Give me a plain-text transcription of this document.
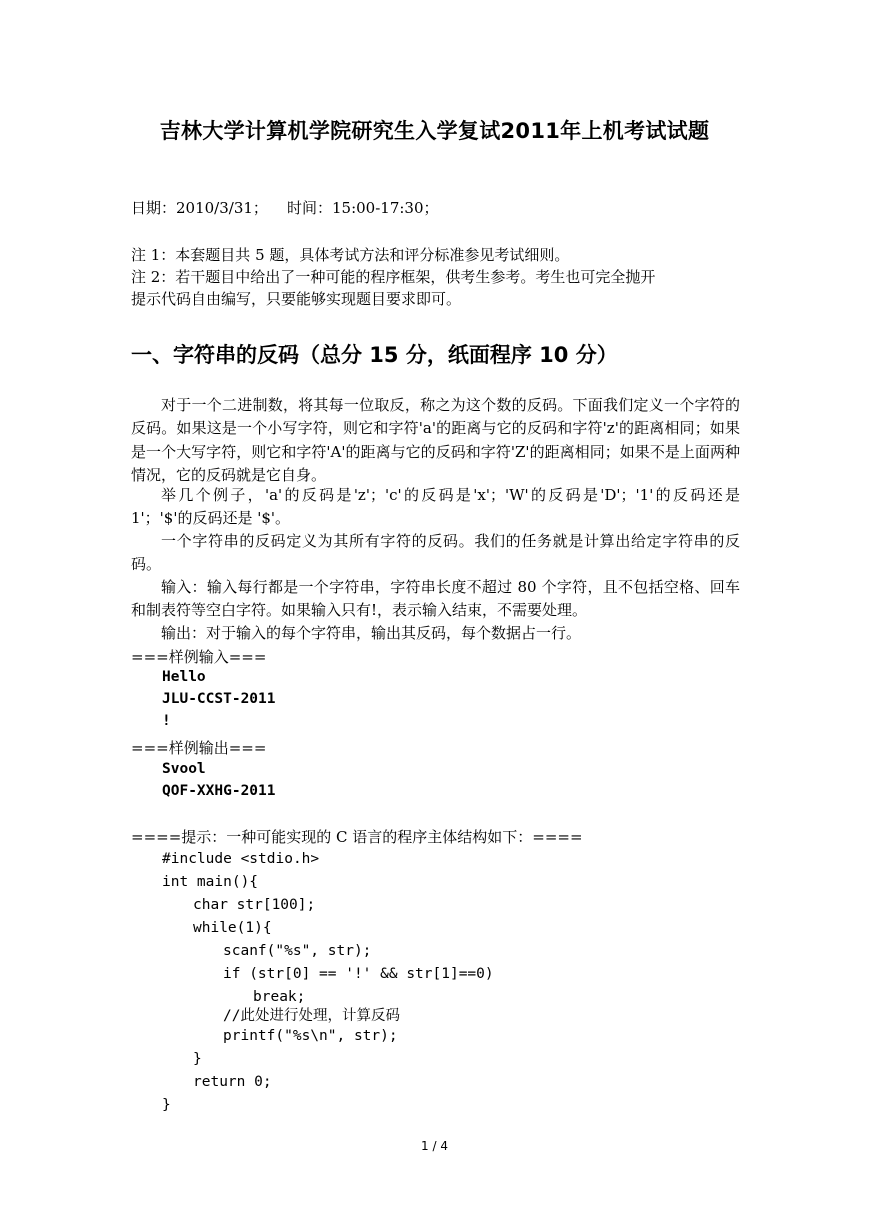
吉林大学计算机学院研究生入学复试2011年上机考试试题
日期：2010/3/31；    时间：15:00-17:30；
注 1：本套题目共 5 题，具体考试方法和评分标准参见考试细则。
注 2：若干题目中给出了一种可能的程序框架，供考生参考。考生也可完全抛开
提示代码自由编写，只要能够实现题目要求即可。
一、字符串的反码（总分 15 分，纸面程序 10 分）
对于一个二进制数，将其每一位取反，称之为这个数的反码。下面我们定义一个字符的反码。如果这是一个小写字符，则它和字符'a'的距离与它的反码和字符'z'的距离相同；如果是一个大写字符，则它和字符'A'的距离与它的反码和字符'Z'的距离相同；如果不是上面两种情况，它的反码就是它自身。
举几个例子，'a'的反码是'z'；'c'的反码是'x'；'W'的反码是'D'；'1'的反码还是1'；'$'的反码还是 '$'。
一个字符串的反码定义为其所有字符的反码。我们的任务就是计算出给定字符串的反码。
输入：输入每行都是一个字符串，字符串长度不超过 80 个字符，且不包括空格、回车和制表符等空白字符。如果输入只有!，表示输入结束，不需要处理。
输出：对于输入的每个字符串，输出其反码，每个数据占一行。
===样例输入===
Hello
JLU-CCST-2011
!
===样例输出===
Svool
QOF-XXHG-2011
====提示：一种可能实现的 C 语言的程序主体结构如下：====
#include <stdio.h>
int main(){
char str[100];
while(1){
scanf("%s", str);
if (str[0] == '!' && str[1]==0)
break;
//此处进行处理，计算反码
printf("%s\n", str);
}
return 0;
}
1 / 4
